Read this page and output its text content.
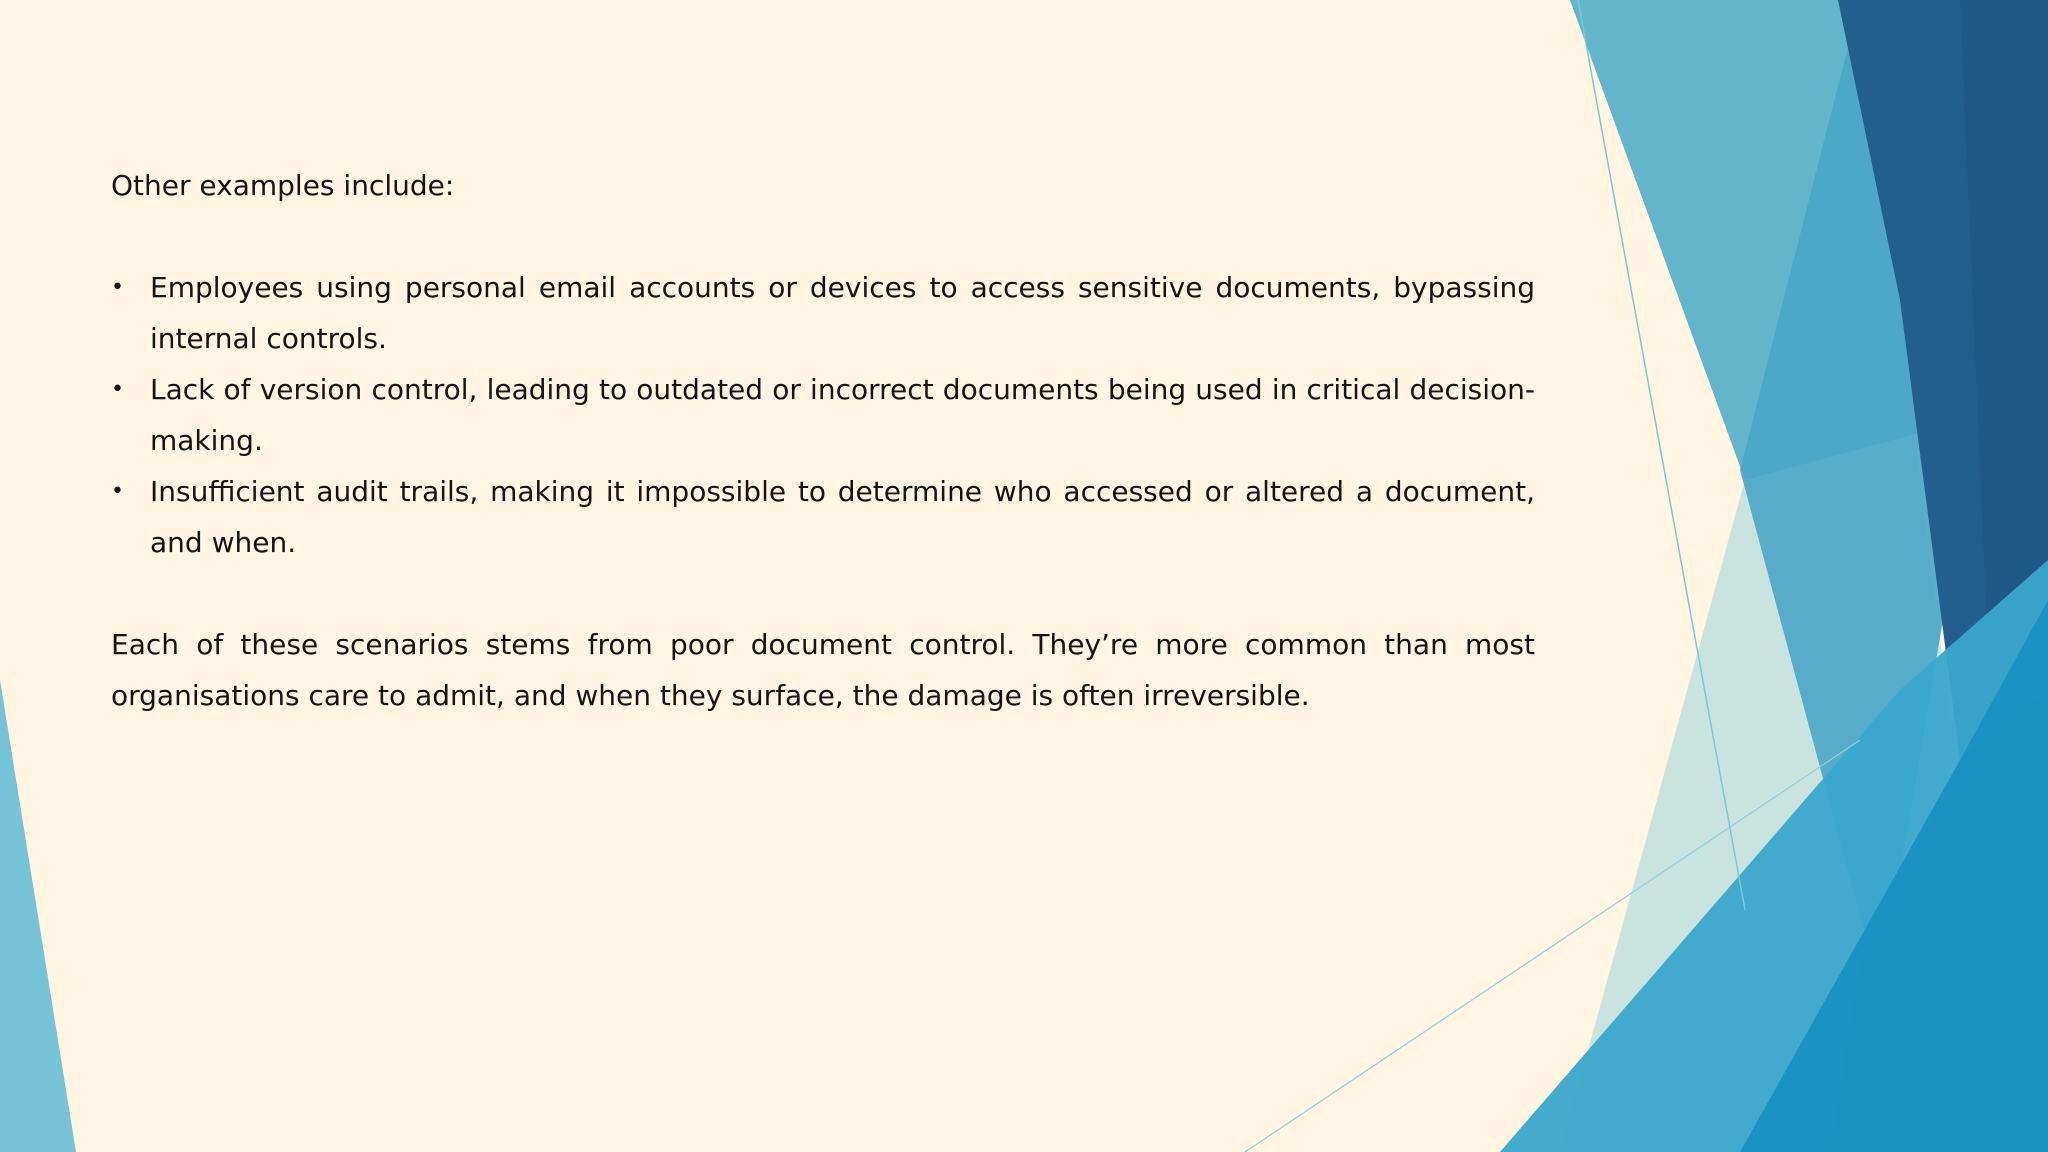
Other examples include:

• Employees using personal email accounts or devices to access sensitive documents, bypassing internal controls.
• Lack of version control, leading to outdated or incorrect documents being used in critical decision-making.
• Insufficient audit trails, making it impossible to determine who accessed or altered a document, and when.

Each of these scenarios stems from poor document control. They’re more common than most organisations care to admit, and when they surface, the damage is often irreversible.
